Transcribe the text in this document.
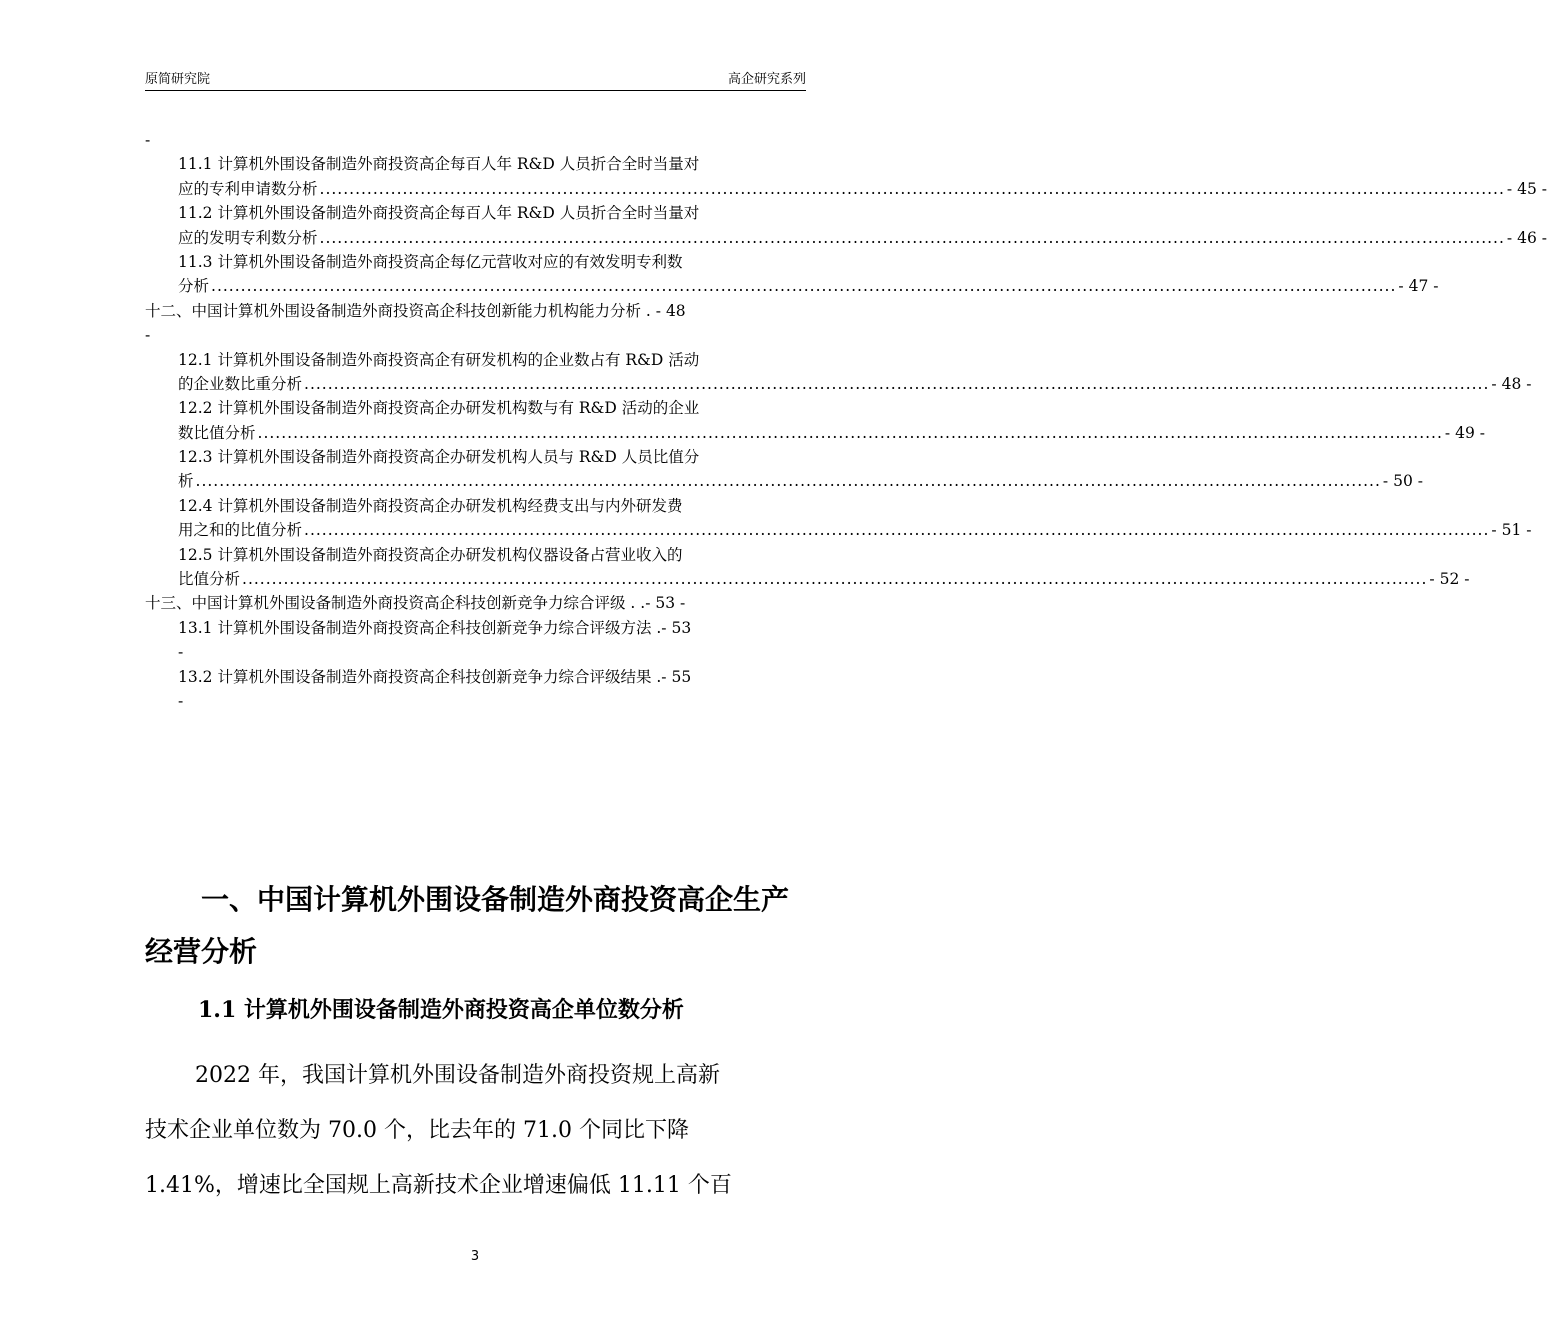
原简研究院	高企研究系列
-
11.1 计算机外围设备制造外商投资高企每百人年 R&D 人员折合全时当量对
应的专利申请数分析 ........................................................................................................................................................................................................ - 45 -
11.2 计算机外围设备制造外商投资高企每百人年 R&D 人员折合全时当量对
应的发明专利数分析 ........................................................................................................................................................................................................ - 46 -
11.3 计算机外围设备制造外商投资高企每亿元营收对应的有效发明专利数
分析 ........................................................................................................................................................................................................ - 47 -
十二、中国计算机外围设备制造外商投资高企科技创新能力机构能力分析 . - 48
-
12.1 计算机外围设备制造外商投资高企有研发机构的企业数占有 R&D 活动
的企业数比重分析 ........................................................................................................................................................................................................ - 48 -
12.2 计算机外围设备制造外商投资高企办研发机构数与有 R&D 活动的企业
数比值分析 ........................................................................................................................................................................................................ - 49 -
12.3 计算机外围设备制造外商投资高企办研发机构人员与 R&D 人员比值分
析 ........................................................................................................................................................................................................ - 50 -
12.4 计算机外围设备制造外商投资高企办研发机构经费支出与内外研发费
用之和的比值分析 ........................................................................................................................................................................................................ - 51 -
12.5 计算机外围设备制造外商投资高企办研发机构仪器设备占营业收入的
比值分析 ........................................................................................................................................................................................................ - 52 -
十三、中国计算机外围设备制造外商投资高企科技创新竞争力综合评级 . .- 53 -
13.1 计算机外围设备制造外商投资高企科技创新竞争力综合评级方法 .- 53
-
13.2 计算机外围设备制造外商投资高企科技创新竞争力综合评级结果 .- 55
-
一、中国计算机外围设备制造外商投资高企生产
经营分析
1.1 计算机外围设备制造外商投资高企单位数分析
2022 年，我国计算机外围设备制造外商投资规上高新
技术企业单位数为 70.0 个，比去年的 71.0 个同比下降
1.41%，增速比全国规上高新技术企业增速偏低 11.11 个百
3
